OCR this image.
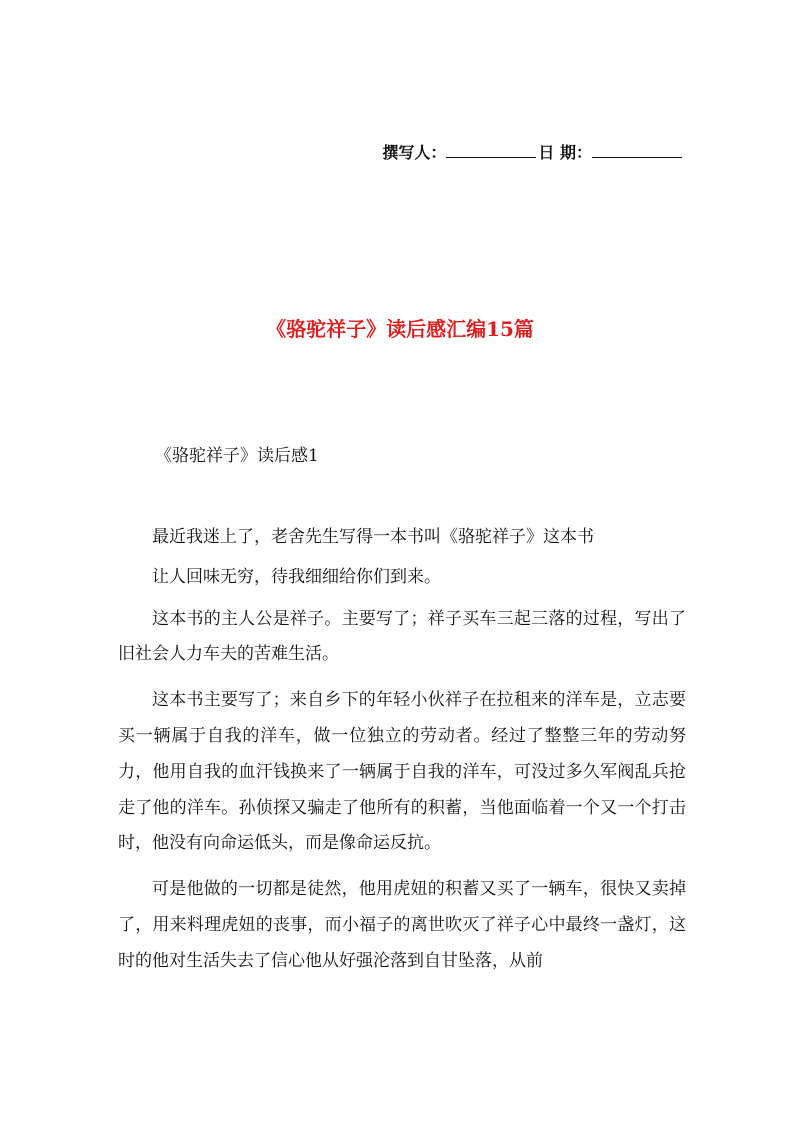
撰写人：	日 期：
《骆驼祥子》读后感汇编15篇
《骆驼祥子》读后感1

最近我迷上了，老舍先生写得一本书叫《骆驼祥子》这本书

让人回味无穷，待我细细给你们到来。

这本书的主人公是祥子。主要写了；祥子买车三起三落的过程，写出了旧社会人力车夫的苦难生活。

这本书主要写了；来自乡下的年轻小伙祥子在拉租来的洋车是，立志要买一辆属于自我的洋车，做一位独立的劳动者。经过了整整三年的劳动努力，他用自我的血汗钱换来了一辆属于自我的洋车，可没过多久军阀乱兵抢走了他的洋车。孙侦探又骗走了他所有的积蓄，当他面临着一个又一个打击时，他没有向命运低头，而是像命运反抗。

可是他做的一切都是徒然，他用虎妞的积蓄又买了一辆车，很快又卖掉了，用来料理虎妞的丧事，而小福子的离世吹灭了祥子心中最终一盏灯，这时的他对生活失去了信心他从好强沦落到自甘坠落，从前
